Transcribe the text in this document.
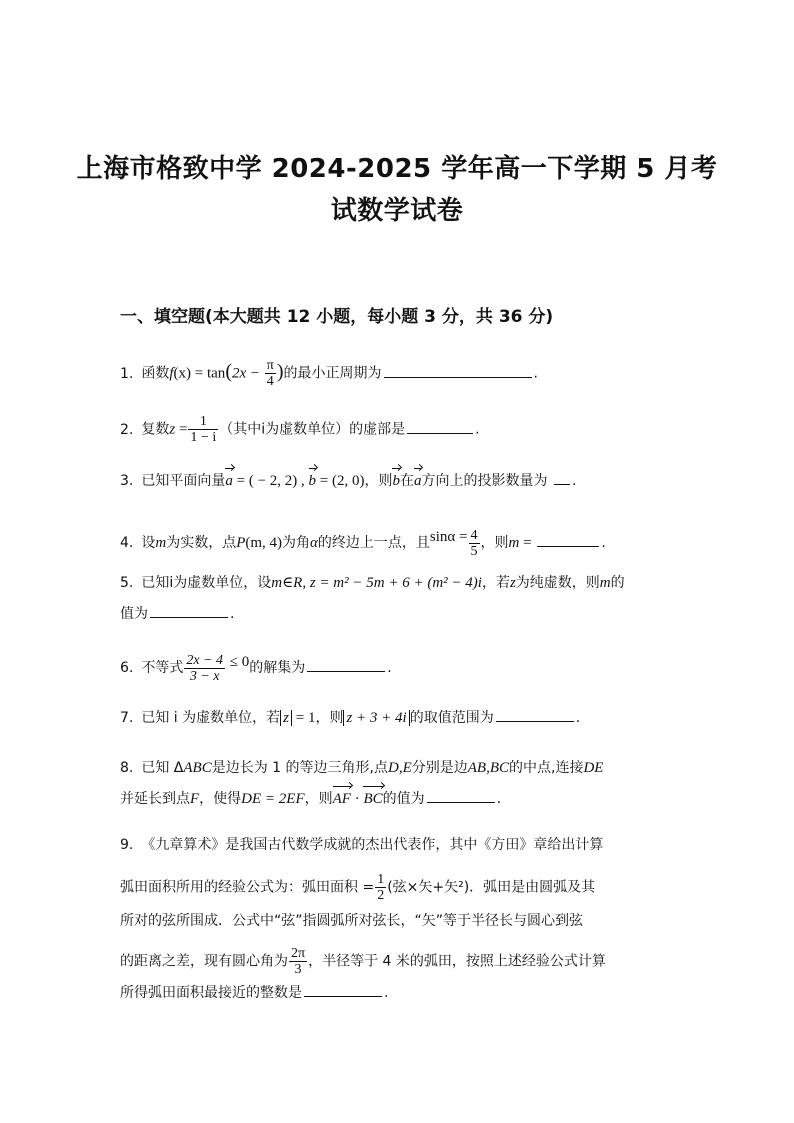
上海市格致中学 2024-2025 学年高一下学期 5 月考
试数学试卷
一、填空题(本大题共 12 小题，每小题 3 分，共 36 分)
1. 函数$f(x) = \tan(2x - \frac{\pi}{4}$ )的最小正周期为	.
2. 复数$z = \frac{1}{1 - i}$ （其中i为虚数单位）的虚部是	.
3. 已知平面向量a = ( − 2, 2) , b = (2, 0)，则b在a方向上的投影数量为 .
4. 设m为实数，点P(m, 4)为角α的终边上一点，且$\sin\alpha = \frac{4}{5}$ ，则m =	.
5. 已知i为虚数单位，设m∈R, z = m² − 5m + 6 + (m² − 4)i，若z为纯虚数，则m的
值为	.
6. 不等式 $\frac{2x - 4}{3 - x} \le 0$的解集为	.
7. 已知 i 为虚数单位，若 z = 1，则 z + 3 + 4i 的取值范围为	.
8. 已知 ΔABC是边长为 1 的等边三角形,点D,E分别是边AB,BC的中点,连接DE
并延长到点F，使得DE = 2EF，则AF · BC的值为	.
9. 《九章算术》是我国古代数学成就的杰出代表作，其中《方田》章给出计算
弧田面积所用的经验公式为：弧田面积 = $\frac{1}{2}$ (弦×矢+矢²)．弧田是由圆弧及其
所对的弦所围成．公式中“弦”指圆弧所对弦长，“矢”等于半径长与圆心到弦
的距离之差，现有圆心角为 $\frac{2\pi}{3}$ ，半径等于 4 米的弧田，按照上述经验公式计算
所得弧田面积最接近的整数是	.
